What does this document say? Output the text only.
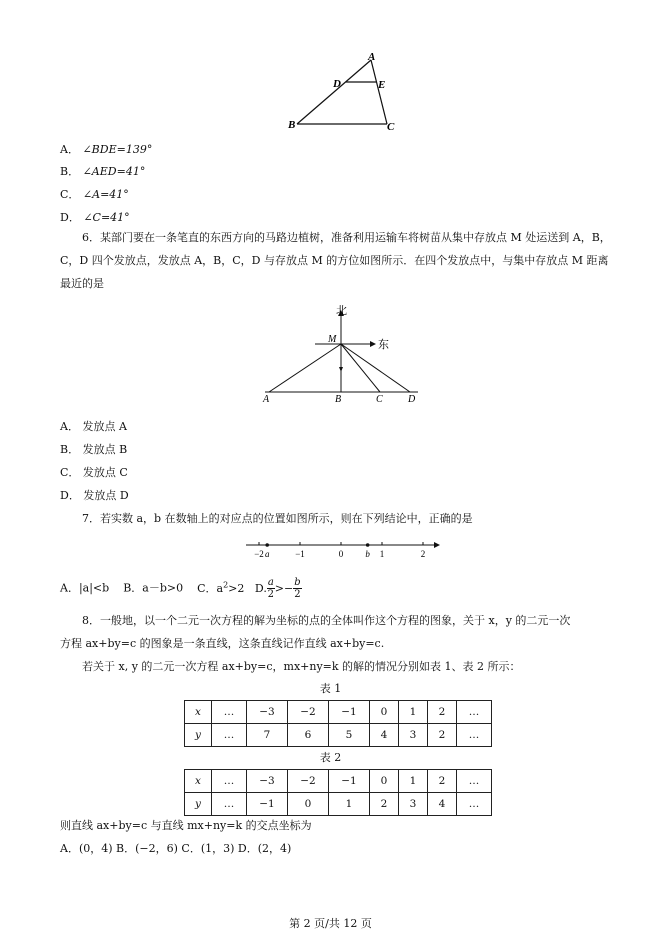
A
D	E
B	C
A． ∠BDE=139°
B． ∠AED=41°
C． ∠A=41°
D． ∠C=41°
6．某部门要在一条笔直的东西方向的马路边植树，准备利用运输车将树苗从集中存放点 M 处运送到 A，B，C，D 四个发放点，发放点 A，B，C，D 与存放点 M 的方位如图所示．在四个发放点中，与集中存放点 M 距离最近的是
北
东
M
A	B	C	D
A． 发放点 A
B． 发放点 B
C． 发放点 C
D． 发放点 D
7．若实数 a，b 在数轴上的对应点的位置如图所示，则在下列结论中，正确的是
−2 a	−1	0 b 1	2
A．|a|<b B．a－b>0 C．$a^2>2$ D. $\frac{a}{2} >- \frac{b}{2}$
8．一般地，以一个二元一次方程的解为坐标的点的全体叫作这个方程的图象，关于 x，y 的二元一次
方程 ax+by=c 的图象是一条直线，这条直线记作直线 ax+by=c.
若关于 x, y 的二元一次方程 ax+by=c，mx+ny=k 的解的情况分别如表 1、表 2 所示：
表 1
x	…	−3	−2	−1	0	1	2	…
y	…	7	6	5	4	3	2	…
表 2
x	…	−3	−2	−1	0	1	2	…
y	…	−1	0	1	2	3	4	…
则直线 ax+by=c 与直线 mx+ny=k 的交点坐标为
A．(0，4) B．(−2，6) C．(1，3) D．(2，4)
第 2 页/共 12 页
